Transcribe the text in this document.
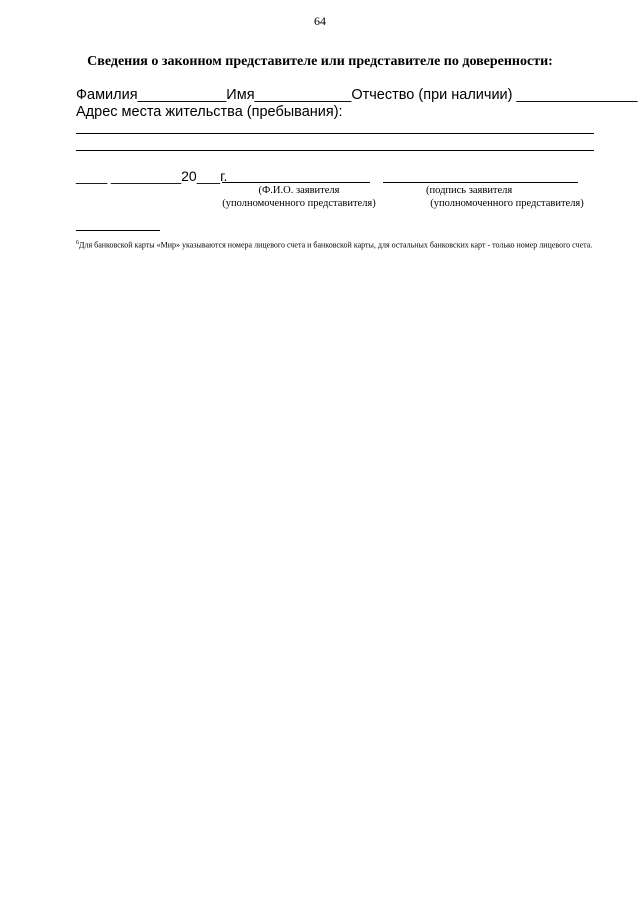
64
Сведения о законном представителе или представителе по доверенности:
Фамилия___________Имя____________Отчество (при наличии) _______________
Адрес места жительства (пребывания):
____ _________20___г.
(Ф.И.О. заявителя
(уполномоченного представителя)
(подпись заявителя
(уполномоченного представителя)
$^6$Для банковской карты «Мир» указываются номера лицевого счета и банковской карты, для остальных банковских карт - только номер лицевого счета.
